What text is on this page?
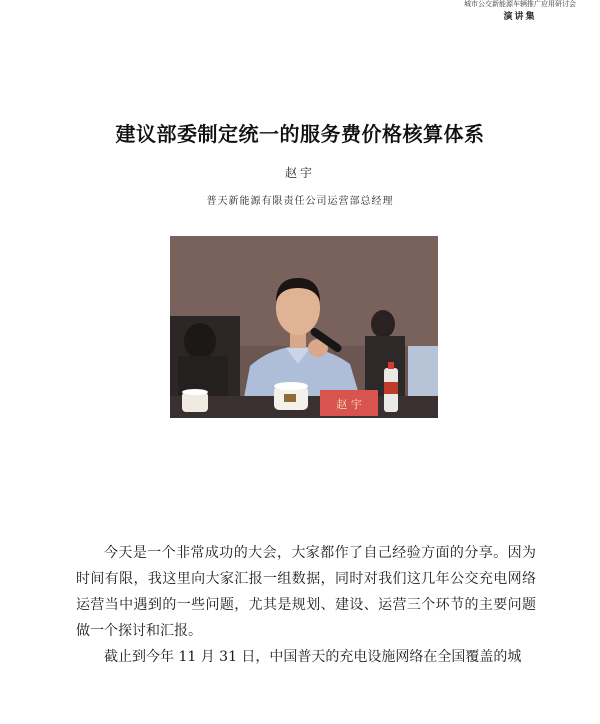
城市公交新能源车辆推广应用研讨会
演讲集
建议部委制定统一的服务费价格核算体系
赵宇
普天新能源有限责任公司运营部总经理
赵 宇

今天是一个非常成功的大会，大家都作了自己经验方面的分享。因为时间有限，我这里向大家汇报一组数据，同时对我们这几年公交充电网络运营当中遇到的一些问题，尤其是规划、建设、运营三个环节的主要问题做一个探讨和汇报。

截止到今年 11 月 31 日，中国普天的充电设施网络在全国覆盖的城
